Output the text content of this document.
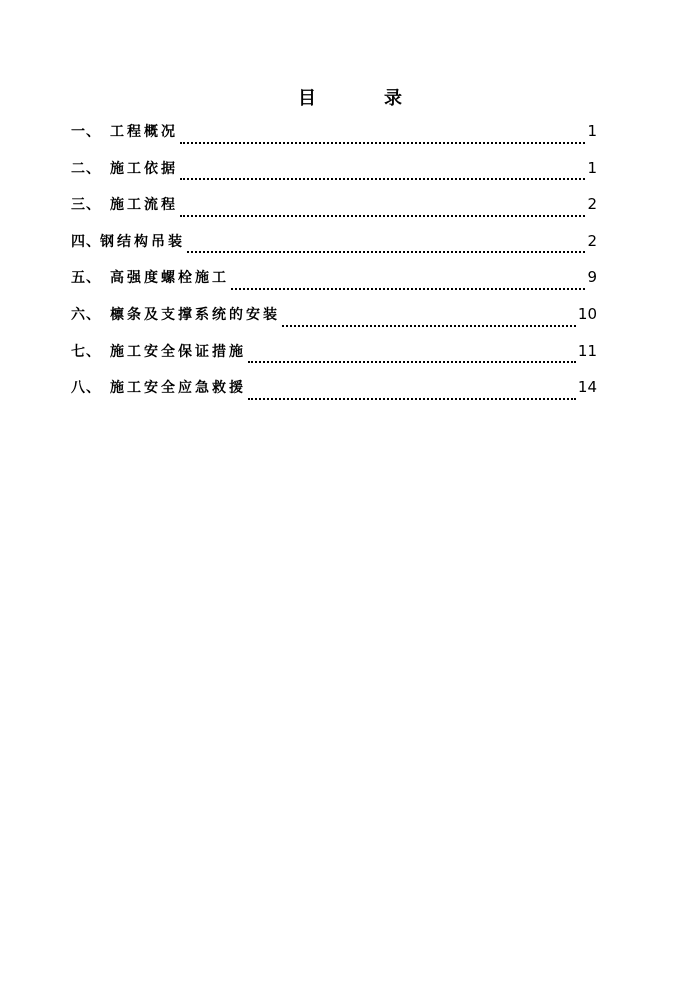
目	录
一 、 工程概况	1
二 、 施工依据	1
三 、 施工流程	2
四 、 钢结构吊装	2
五 、 高强度螺栓施工	9
六 、 檩条及支撑系统的安装	10
七 、 施工安全保证措施	11
八 、 施工安全应急救援	14
